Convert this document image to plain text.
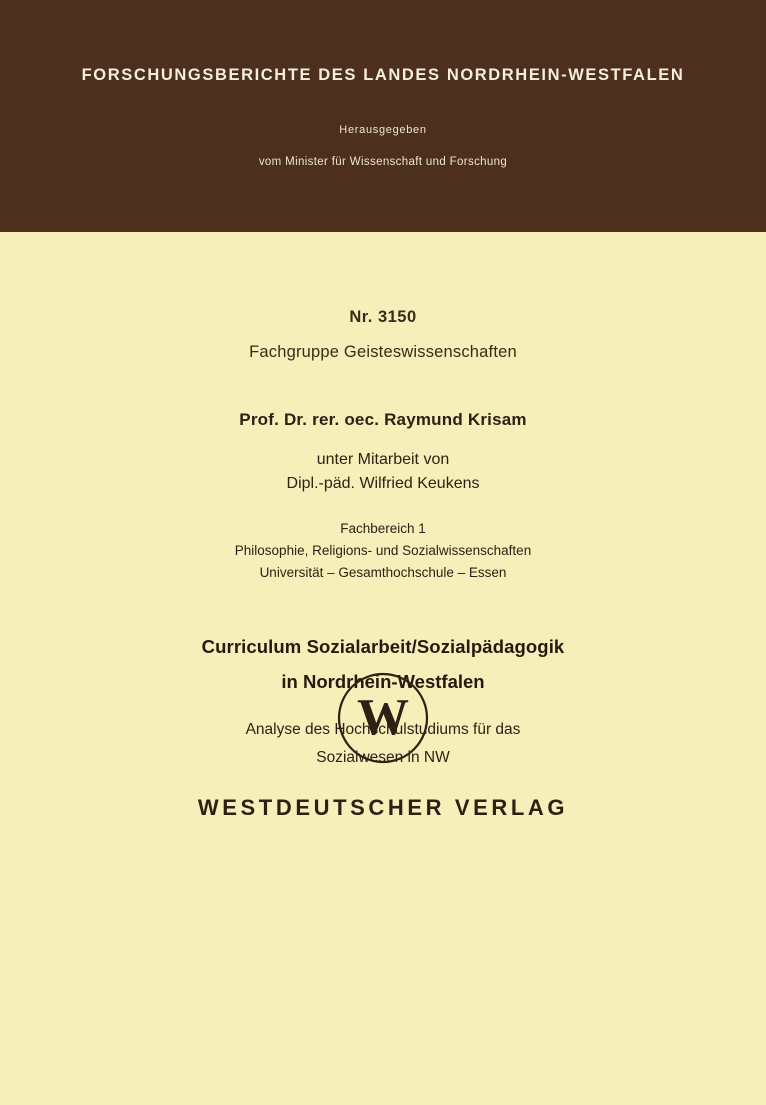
FORSCHUNGSBERICHTE DES LANDES NORDRHEIN-WESTFALEN
Herausgegeben
vom Minister für Wissenschaft und Forschung
Nr. 3150
Fachgruppe Geisteswissenschaften
Prof. Dr. rer. oec. Raymund Krisam
unter Mitarbeit von
Dipl.-päd. Wilfried Keukens
Fachbereich 1
Philosophie, Religions- und Sozialwissenschaften
Universität – Gesamthochschule – Essen
Curriculum Sozialarbeit/Sozialpädagogik
in Nordrhein-Westfalen
Analyse des Hochschulstudiums für das
Sozialwesen in NW
W
WESTDEUTSCHER VERLAG
